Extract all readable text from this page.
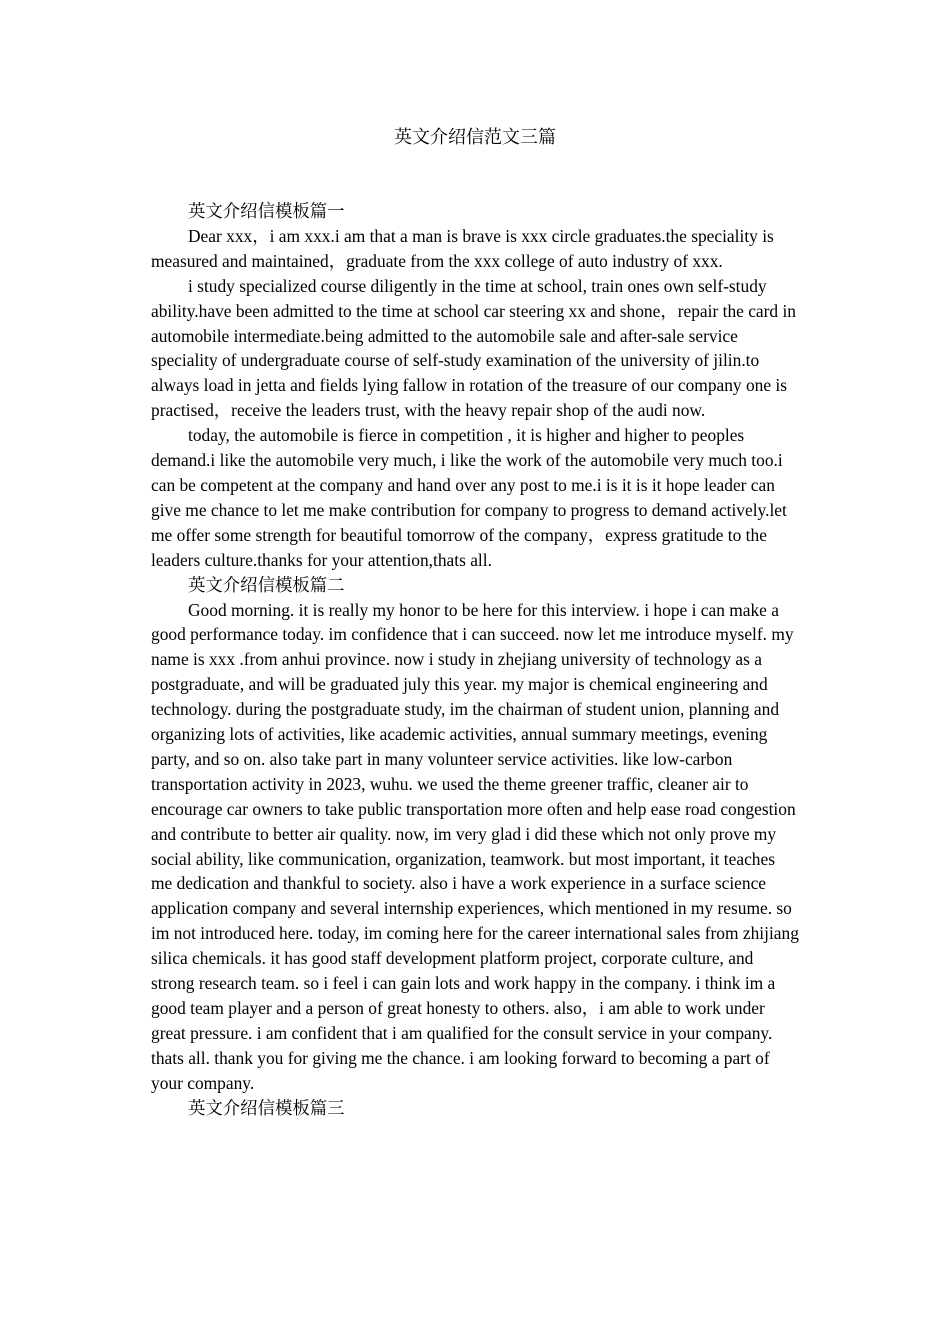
英文介绍信范文三篇

英文介绍信模板篇一

Dear xxx，i am xxx.i am that a man is brave is xxx circle graduates.the speciality is measured and maintained，graduate from the xxx college of auto industry of xxx.

i study specialized course diligently in the time at school, train ones own self-study ability.have been admitted to the time at school car steering xx and shone，repair the card in automobile intermediate.being admitted to the automobile sale and after-sale service speciality of undergraduate course of self-study examination of the university of jilin.to always load in jetta and fields lying fallow in rotation of the treasure of our company one is practised，receive the leaders trust, with the heavy repair shop of the audi now.

today, the automobile is fierce in competition , it is higher and higher to peoples demand.i like the automobile very much, i like the work of the automobile very much too.i can be competent at the company and hand over any post to me.i is it is it hope leader can give me chance to let me make contribution for company to progress to demand actively.let me offer some strength for beautiful tomorrow of the company，express gratitude to the leaders culture.thanks for your attention,thats all.

英文介绍信模板篇二

Good morning. it is really my honor to be here for this interview. i hope i can make a good performance today. im confidence that i can succeed. now let me introduce myself. my name is xxx .from anhui province. now i study in zhejiang university of technology as a postgraduate, and will be graduated july this year. my major is chemical engineering and technology. during the postgraduate study, im the chairman of student union, planning and organizing lots of activities, like academic activities, annual summary meetings, evening party, and so on. also take part in many volunteer service activities. like low-carbon transportation activity in 2023, wuhu. we used the theme greener traffic, cleaner air to encourage car owners to take public transportation more often and help ease road congestion and contribute to better air quality. now, im very glad i did these which not only prove my social ability, like communication, organization, teamwork. but most important, it teaches me dedication and thankful to society. also i have a work experience in a surface science application company and several internship experiences, which mentioned in my resume. so im not introduced here. today, im coming here for the career international sales from zhijiang silica chemicals. it has good staff development platform project, corporate culture, and strong research team. so i feel i can gain lots and work happy in the company. i think im a good team player and a person of great honesty to others. also，i am able to work under great pressure. i am confident that i am qualified for the consult service in your company. thats all. thank you for giving me the chance. i am looking forward to becoming a part of your company.

英文介绍信模板篇三
